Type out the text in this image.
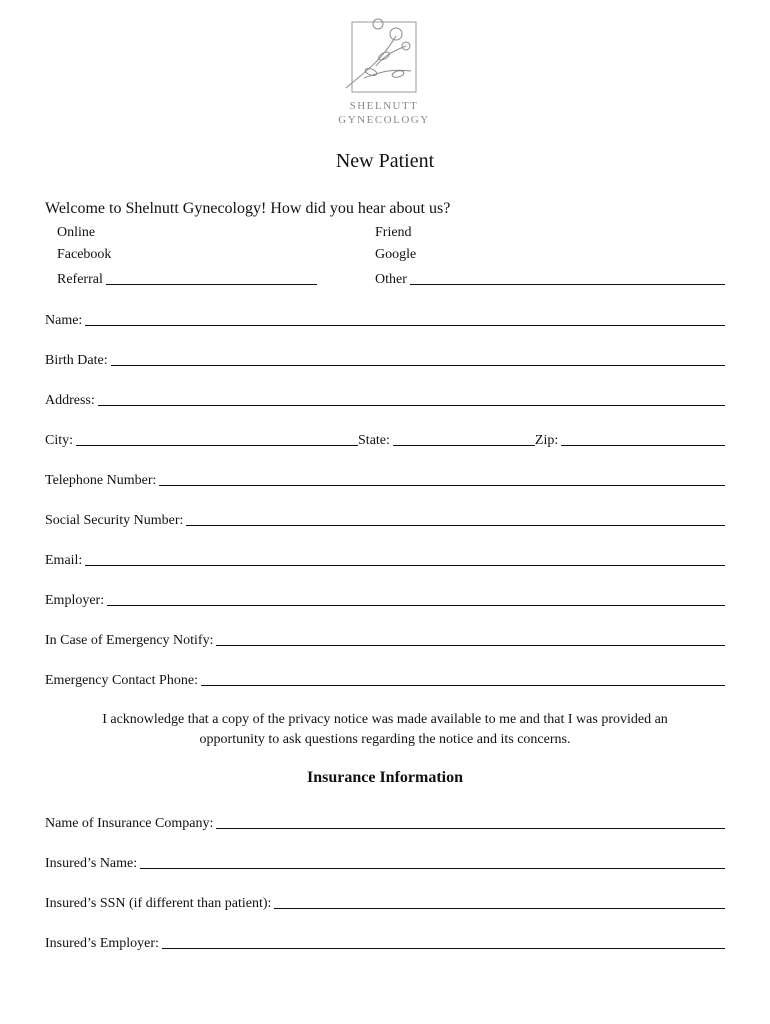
SHELNUTT
GYNECOLOGY
New Patient
Welcome to Shelnutt Gynecology! How did you hear about us?
Online
Facebook
Referral
Friend
Google
Other
Name:
Birth Date:
Address:
City:	State:	Zip:
Telephone Number:
Social Security Number:
Email:
Employer:
In Case of Emergency Notify:
Emergency Contact Phone:
I acknowledge that a copy of the privacy notice was made available to me and that I was provided an
opportunity to ask questions regarding the notice and its concerns.
Insurance Information
Name of Insurance Company:
Insured’s Name:
Insured’s SSN (if different than patient):
Insured’s Employer:
